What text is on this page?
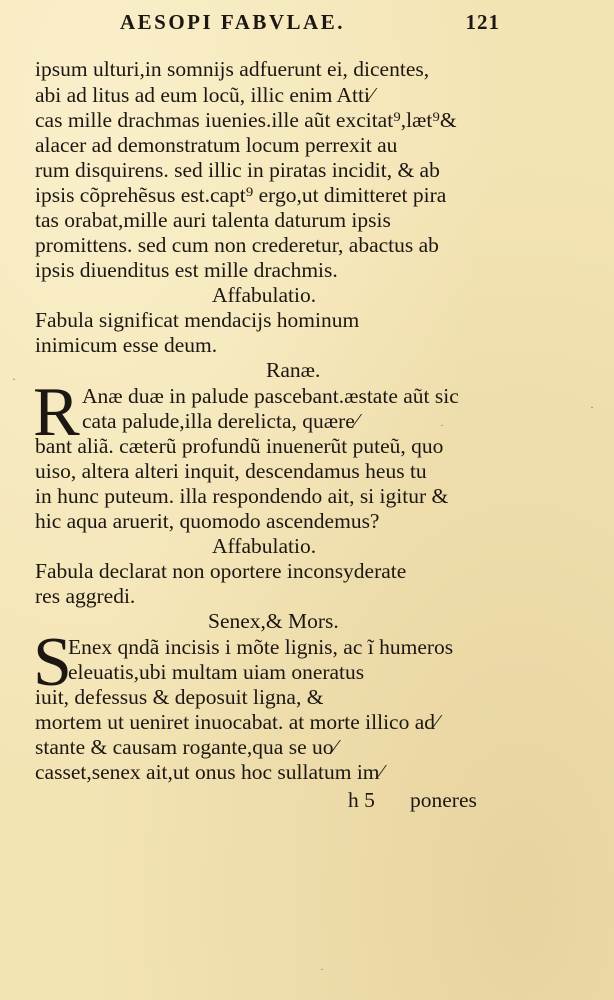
AESOPI FABVLAE.	121
ipsum ulturi,in somnijs adfuerunt ei, dicentes,
abi ad litus ad eum locũ, illic enim Atti⁄
cas mille drachmas iuenies.ille aũt excitat⁹,læt⁹&
alacer ad demonstratum locum perrexit au
rum disquirens. sed illic in piratas incidit, & ab
ipsis cõprehẽsus est.capt⁹ ergo,ut dimitteret pira
tas orabat,mille auri talenta daturum ipsis
promittens. sed cum non crederetur, abactus ab
ipsis diuenditus est mille drachmis.
Affabulatio.
Fabula significat mendacijs hominum
inimicum esse deum.
Ranæ.
R Anæ duæ in palude pascebant.æstate aũt sic
cata palude,illa derelicta, quære⁄
bant aliã. cæterũ profundũ inuenerũt puteũ, quo
uiso, altera alteri inquit, descendamus heus tu
in hunc puteum. illa respondendo ait, si igitur &
hic aqua aruerit, quomodo ascendemus?
Affabulatio.
Fabula declarat non oportere inconsyderate
res aggredi.
Senex,& Mors.
S
Enex qndã incisis i mõte lignis, ac ĩ humeros
eleuatis,ubi multam uiam oneratus
iuit, defessus & deposuit ligna, &
mortem ut ueniret inuocabat. at morte illico ad⁄
stante & causam rogante,qua se uo⁄
casset,senex ait,ut onus hoc sullatum im⁄
h 5 poneres
·
·
·
·
